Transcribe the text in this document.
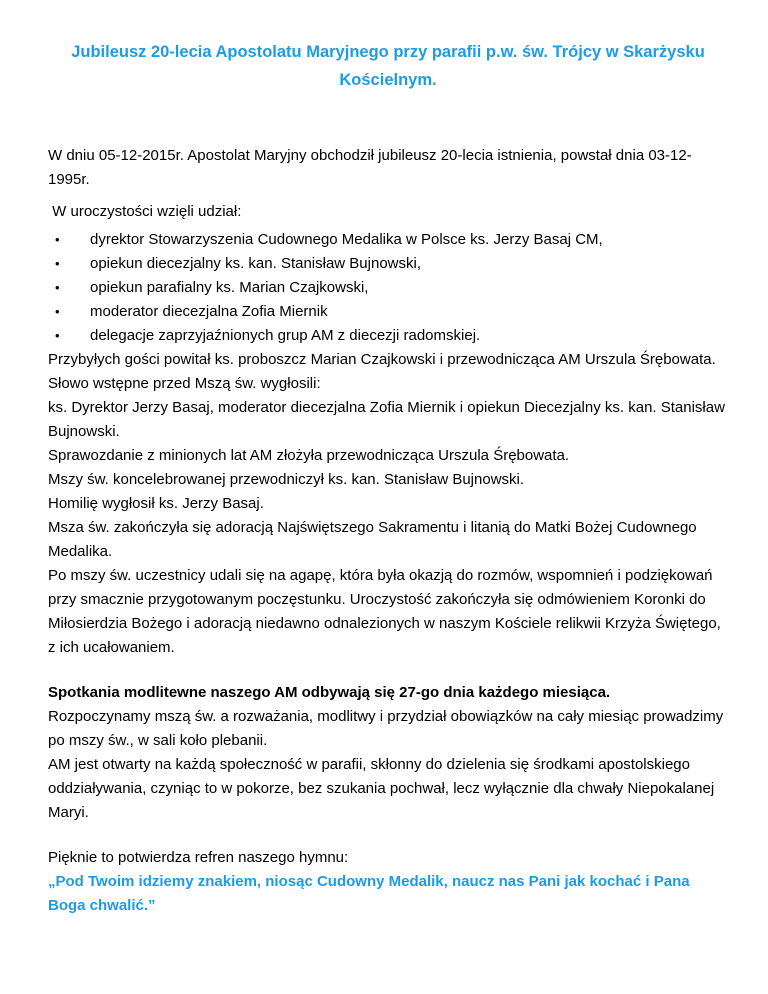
Jubileusz 20-lecia Apostolatu Maryjnego przy parafii p.w. św. Trójcy w Skarżysku Kościelnym.

W dniu 05-12-2015r. Apostolat Maryjny obchodził jubileusz 20-lecia istnienia, powstał dnia 03-12-1995r.

W uroczystości wzięli udział:

• dyrektor Stowarzyszenia Cudownego Medalika w Polsce ks. Jerzy Basaj CM,
• opiekun diecezjalny ks. kan. Stanisław Bujnowski,
• opiekun parafialny ks. Marian Czajkowski,
• moderator diecezjalna Zofia Miernik
• delegacje zaprzyjaźnionych grup AM z diecezji radomskiej.

Przybyłych gości powitał ks. proboszcz Marian Czajkowski i przewodnicząca AM Urszula Śrębowata.

Słowo wstępne przed Mszą św. wygłosili:

ks. Dyrektor Jerzy Basaj, moderator diecezjalna Zofia Miernik i opiekun Diecezjalny ks. kan. Stanisław Bujnowski.

Sprawozdanie z minionych lat AM złożyła przewodnicząca Urszula Śrębowata.

Mszy św. koncelebrowanej przewodniczył ks. kan. Stanisław Bujnowski.

Homilię wygłosił ks. Jerzy Basaj.

Msza św. zakończyła się adoracją Najświętszego Sakramentu i litanią do Matki Bożej Cudownego Medalika.

Po mszy św. uczestnicy udali się na agapę, która była okazją do rozmów, wspomnień i podziękowań przy smacznie przygotowanym poczęstunku. Uroczystość zakończyła się odmówieniem Koronki do Miłosierdzia Bożego i adoracją niedawno odnalezionych w naszym Kościele relikwii Krzyża Świętego, z ich ucałowaniem.

Spotkania modlitewne naszego AM odbywają się 27-go dnia każdego miesiąca.

Rozpoczynamy mszą św. a rozważania, modlitwy i przydział obowiązków na cały miesiąc prowadzimy po mszy św., w sali koło plebanii.

AM jest otwarty na każdą społeczność w parafii, skłonny do dzielenia się środkami apostolskiego oddziaływania, czyniąc to w pokorze, bez szukania pochwał, lecz wyłącznie dla chwały Niepokalanej Maryi.

Pięknie to potwierdza refren naszego hymnu:

„Pod Twoim idziemy znakiem, niosąc Cudowny Medalik, naucz nas Pani jak kochać i Pana Boga chwalić.”
